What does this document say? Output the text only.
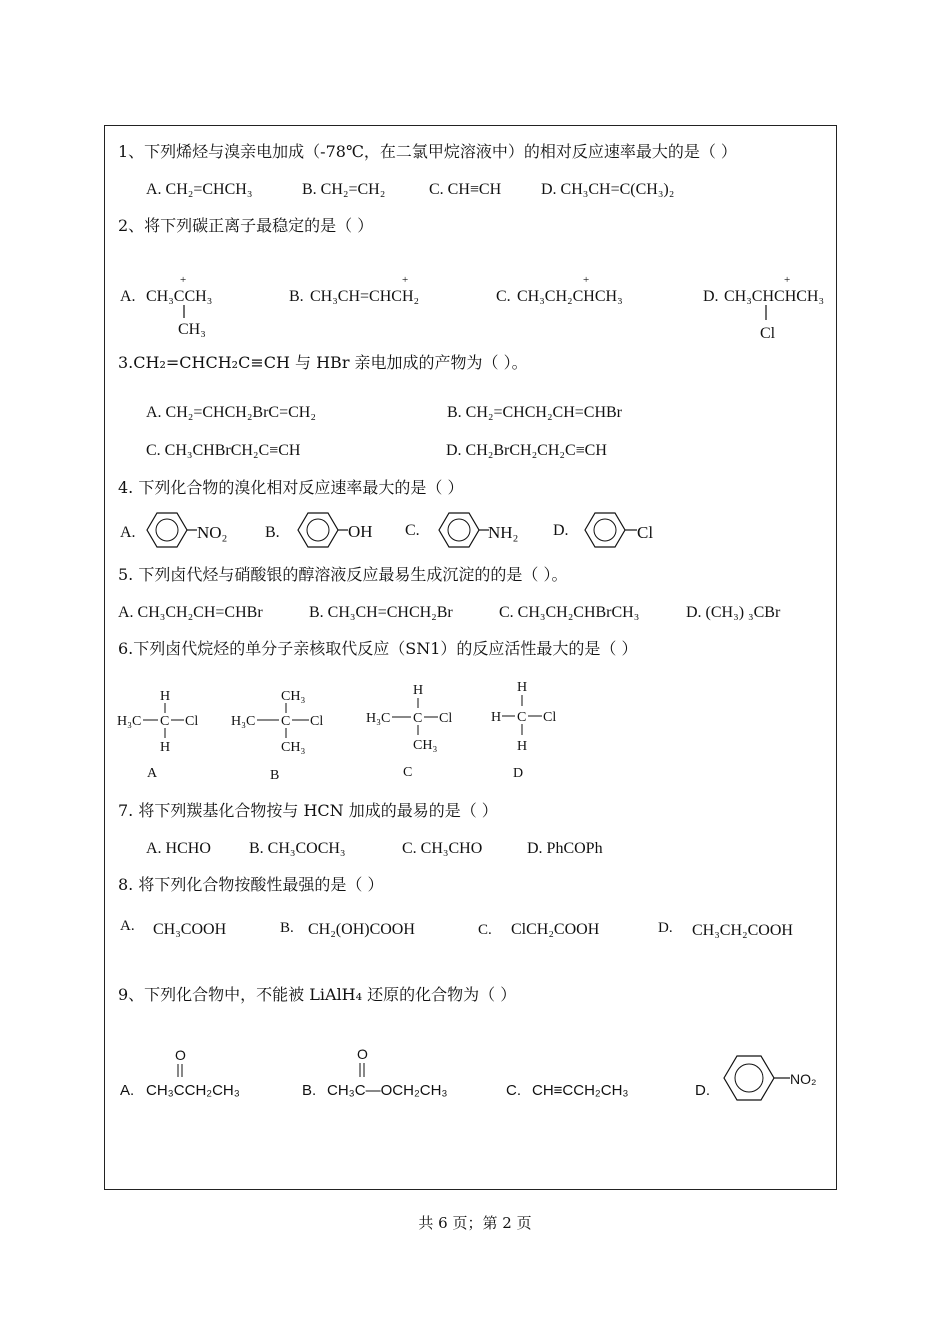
1、下列烯烃与溴亲电加成（-78℃，在二氯甲烷溶液中）的相对反应速率最大的是（ ）
A. CH₂=CHCH₃	B. CH₂=CH₂	C. CH≡CH D. CH₃CH=C(CH₃)₂
2、将下列碳正离子最稳定的是（ ）
A. CH₃CCH₃
+
CH₃
B. CH₃CH=CHCH₂
+
C. CH₃CH₂CHCH₃
+
D. CH₃CHCHCH₃
+
Cl
3.CH₂=CHCH₂C≡CH 与 HBr 亲电加成的产物为（ ）。
A. CH₂=CHCH₂BrC=CH₂	B. CH₂=CHCH₂CH=CHBr
C. CH₃CHBrCH₂C≡CH	D. CH₂BrCH₂CH₂C≡CH
4. 下列化合物的溴化相对反应速率最大的是（ ）
A.	NO₂ B.	OH C.	NH₂ D.	Cl
5. 下列卤代烃与硝酸银的醇溶液反应最易生成沉淀的的是（ ）。
A. CH₃CH₂CH=CHBr	B. CH₃CH=CHCH₂Br	C. CH₃CH₂CHBrCH₃	D. (CH₃) ₃CBr
6.下列卤代烷烃的单分子亲核取代反应（SN1）的反应活性最大的是（ ）
H
H₃C C Cl
H
A
CH₃
H₃C C Cl
CH₃
B
H
H₃C C Cl
CH₃
C
H
H C Cl
H
D
7. 将下列羰基化合物按与 HCN 加成的最易的是（ ）
A. HCHO B. CH₃COCH₃	C. CH₃CHO	D. PhCOPh
8. 将下列化合物按酸性最强的是（ ）
A. CH₃COOH	B. CH₂(OH)COOH	C. ClCH₂COOH	D. CH₃CH₂COOH
9、下列化合物中，不能被 LiAlH₄ 还原的化合物为（ ）
A.
O
CH₃CCH₂CH₃	B.
O
CH₃C—OCH₂CH₃	C. CH≡CCH₂CH₃	D.
NO₂
共 6 页；第 2 页
